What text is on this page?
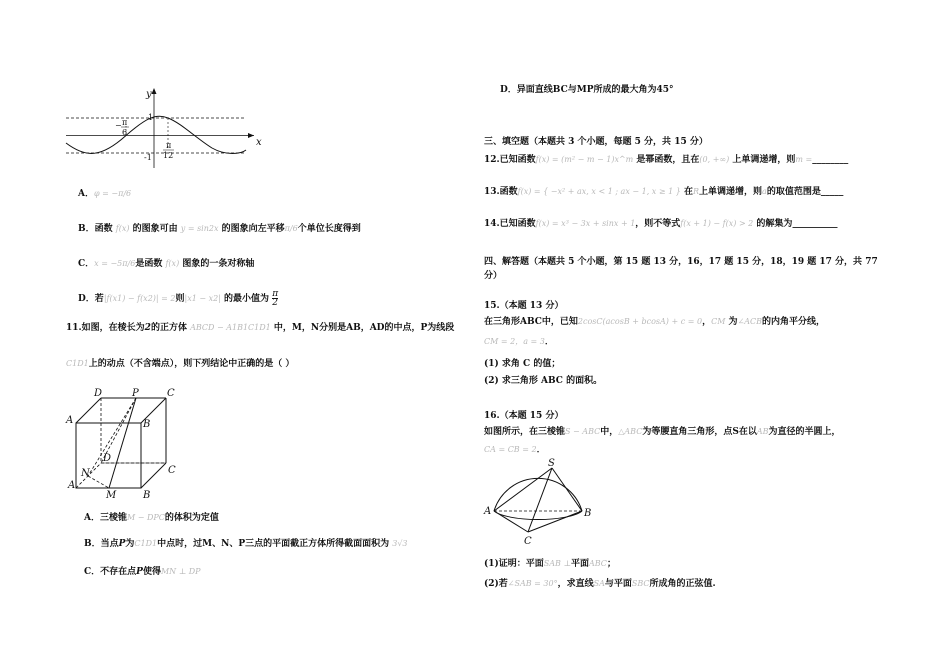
y
x
1
-1
− π
6
π
12
A．φ = −π/6
B．函数 f(x) 的图象可由 y = sin2x 的图象向左平移π/6个单位长度得到
C．x = −5π/6是函数 f(x) 图象的一条对称轴
D．若|f(x1) − f(x2)| = 2则|x1 − x2| 的最小值为 $\frac{\pi}{2}$
11.如图，在棱长为2的正方体 ABCD − A1B1C1D1 中，M，N分别是AB，AD的中点，P为线段
C1D1上的动点（不含端点），则下列结论中正确的是（ ）
D	P	C
A	B
D
N	C
A
M	B
A．三棱锥M − DPC的体积为定值
B．当点P为C1D1中点时，过M、N、P三点的平面截正方体所得截面面积为 3√3
C．不存在点P使得MN ⊥ DP
D．异面直线BC与MP所成的最大角为45°
三、填空题（本题共 3 个小题，每题 5 分，共 15 分）
12.已知函数f(x) = (m² − m − 1)x^m 是幂函数，且在(0, +∞) 上单调递增，则m =________
13.函数f(x) = { −x² + ax, x < 1 ; ax − 1, x ≥ 1 } 在R上单调递增，则a的取值范围是_____
14.已知函数f(x) = x³ − 3x + sinx + 1，则不等式f(x + 1) − f(x) > 2 的解集为__________
四、解答题（本题共 5 个小题，第 15 题 13 分，16，17 题 15 分，18，19 题 17 分，共 77
分）
15.（本题 13 分）
在三角形ABC中，已知2cosC(acosB + bcosA) + c = 0，CM 为∠ACB的内角平分线，
CM = 2，a = 3．
(1) 求角 C 的值；
(2) 求三角形 ABC 的面积。
16.（本题 15 分）
如图所示，在三棱锥S − ABC中，△ABC为等腰直角三角形，点S在以AB为直径的半圆上，
CA = CB = 2．
S
A	B
C
(1)证明：平面SAB ⊥平面ABC；
(2)若∠SAB = 30°，求直线SA与平面SBC所成角的正弦值.
